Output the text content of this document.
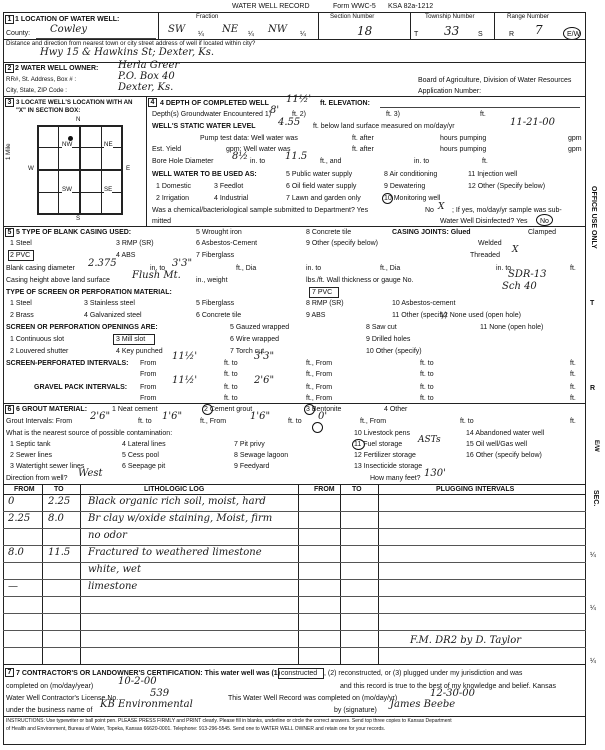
WATER WELL RECORD	Form WWC-5 KSA 82a-1212
1 1 LOCATION OF WATER WELL:	Fraction	Section Number	Township Number	Range Number
County: Cowley	SW ¼ NE ¼ NW ¼	18	T 33	S	R 7	E/W
Distance and direction from nearest town or city street address of well if located within city?
Hwy 15 & Hawkins St; Dexter, Ks.
2 2 WATER WELL OWNER: Herla Greer
RR#, St. Address, Box # :	P.O. Box 40	Board of Agriculture, Division of Water Resources
City, State, ZIP Code :	Dexter, Ks.	Application Number:
3 3 LOCATE WELL'S LOCATION WITH AN "X" IN SECTION BOX:
N
S
W	E
NW	NE
SW	SE
1 Mile
4 4 DEPTH OF COMPLETED WELL 11½' ft. ELEVATION:
Depth(s) Groundwater Encountered 1)
8' ft. 2)	ft. 3)	ft.
WELL'S STATIC WATER LEVEL 4.55 ft. below land surface measured on mo/day/yr	11-21-00
Pump test data: Well water was	ft. after	hours pumping	gpm
Est. Yield	gpm: Well water was	ft. after	hours pumping	gpm
Bore Hole Diameter 8½ in. to 11.5 ft., and	in. to	ft.
WELL WATER TO BE USED AS:
1 Domestic	3 Feedlot
5 Public water supply	8 Air conditioning	11 Injection well
2 Irrigation	4 Industrial	7 Lawn and garden only	10 Monitoring well
6 Oil field water supply	9 Dewatering	12 Other (Specify below)
Was a chemical/bacteriological sample submitted to Department? Yes	No X ; If yes, mo/day/yr sample was sub-
mitted	Water Well Disinfected? Yes No
5 5 TYPE OF BLANK CASING USED:
1 Steel	3 RMP (SR)
5 Wrought iron	8 Concrete tile
2 PVC	4 ABS
6 Asbestos-Cement
7 Fiberglass
9 Other (specify below)
CASING JOINTS: Glued	Clamped
Welded
Threaded
X
Blank casing diameter 2.375	in. to 3'3"	ft., Dia	in. to	ft., Dia	in. to	ft.
Casing height above land surface Flush Mt. in., weight	lbs./ft. Wall thickness or gauge No.
SDR-13
TYPE OF SCREEN OR PERFORATION MATERIAL:
1 Steel	3 Stainless steel	5 Fiberglass
7 PVC
10 Asbestos-cement
2 Brass	4 Galvanized steel	6 Concrete tile
8 RMP (SR)
9 ABS	11 Other (specify)
12 None used (open hole)
Sch 40
SCREEN OR PERFORATION OPENINGS ARE:
1 Continuous slot	3 Mill slot
5 Gauzed wrapped	8 Saw cut	11 None (open hole)
2 Louvered shutter	4 Key punched
6 Wire wrapped	9 Drilled holes
7 Torch cut	10 Other (specify)
SCREEN-PERFORATED INTERVALS: From
11½'
ft. to
3'3"
ft., From	ft. to	ft.
From	ft. to	ft., From	ft. to	ft.
GRAVEL PACK INTERVALS: From
11½'
ft. to
2'6"
ft., From	ft. to	ft.
From	ft. to	ft., From	ft. to	ft.
6 6 GROUT MATERIAL:	1 Neat cement	2 Cement grout	3 Bentonite	4 Other
Grout Intervals: From 2'6"	ft. to 1'6"	ft., From 1'6"	ft. to 0'	ft., From	ft. to	ft.
What is the nearest source of possible contamination:
1 Septic tank	4 Lateral lines	7 Pit privy
10 Livestock pens	14 Abandoned water well
2 Sewer lines	5 Cess pool	8 Sewage lagoon
11 Fuel storage	15 Oil well/Gas well
3 Watertight sewer lines	6 Seepage pit	9 Feedyard
12 Fertilizer storage	16 Other (specify below)
13 Insecticide storage
ASTs
Direction from well? West	How many feet? 130'
FROM	TO	LITHOLOGIC LOG	FROM TO	PLUGGING INTERVALS
0	2.25 Black organic rich soil, moist, hard
2.25 8.0 Br clay w/oxide staining, Moist, firm
no odor
8.0 11.5 Fractured to weathered limestone
white, wet
—	limestone
F.M. DR2 by D. Taylor
7 7 CONTRACTOR'S OR LANDOWNER'S CERTIFICATION: This water well was (1) constructed , (2) reconstructed, or (3) plugged under my jurisdiction and was
completed on (mo/day/year) 10-2-00	and this record is true to the best of my knowledge and belief. Kansas
Water Well Contractor's License No.	539	This Water Well Record was completed on (mo/day/yr)	12-30-00
under the business name of
KB Environmental
by (signature)
James Beebe
INSTRUCTIONS: Use typewriter or ball point pen. PLEASE PRESS FIRMLY and PRINT clearly. Please fill in blanks, underline or circle the correct answers. Send top three copies to Kansas Department
of Health and Environment, Bureau of Water, Topeka, Kansas 66620-0001. Telephone: 913-296-5545. Send one to WATER WELL OWNER and retain one for your records.
OFFICE USE ONLY
T
R
E/W
SEC.
¼
¼
¼
